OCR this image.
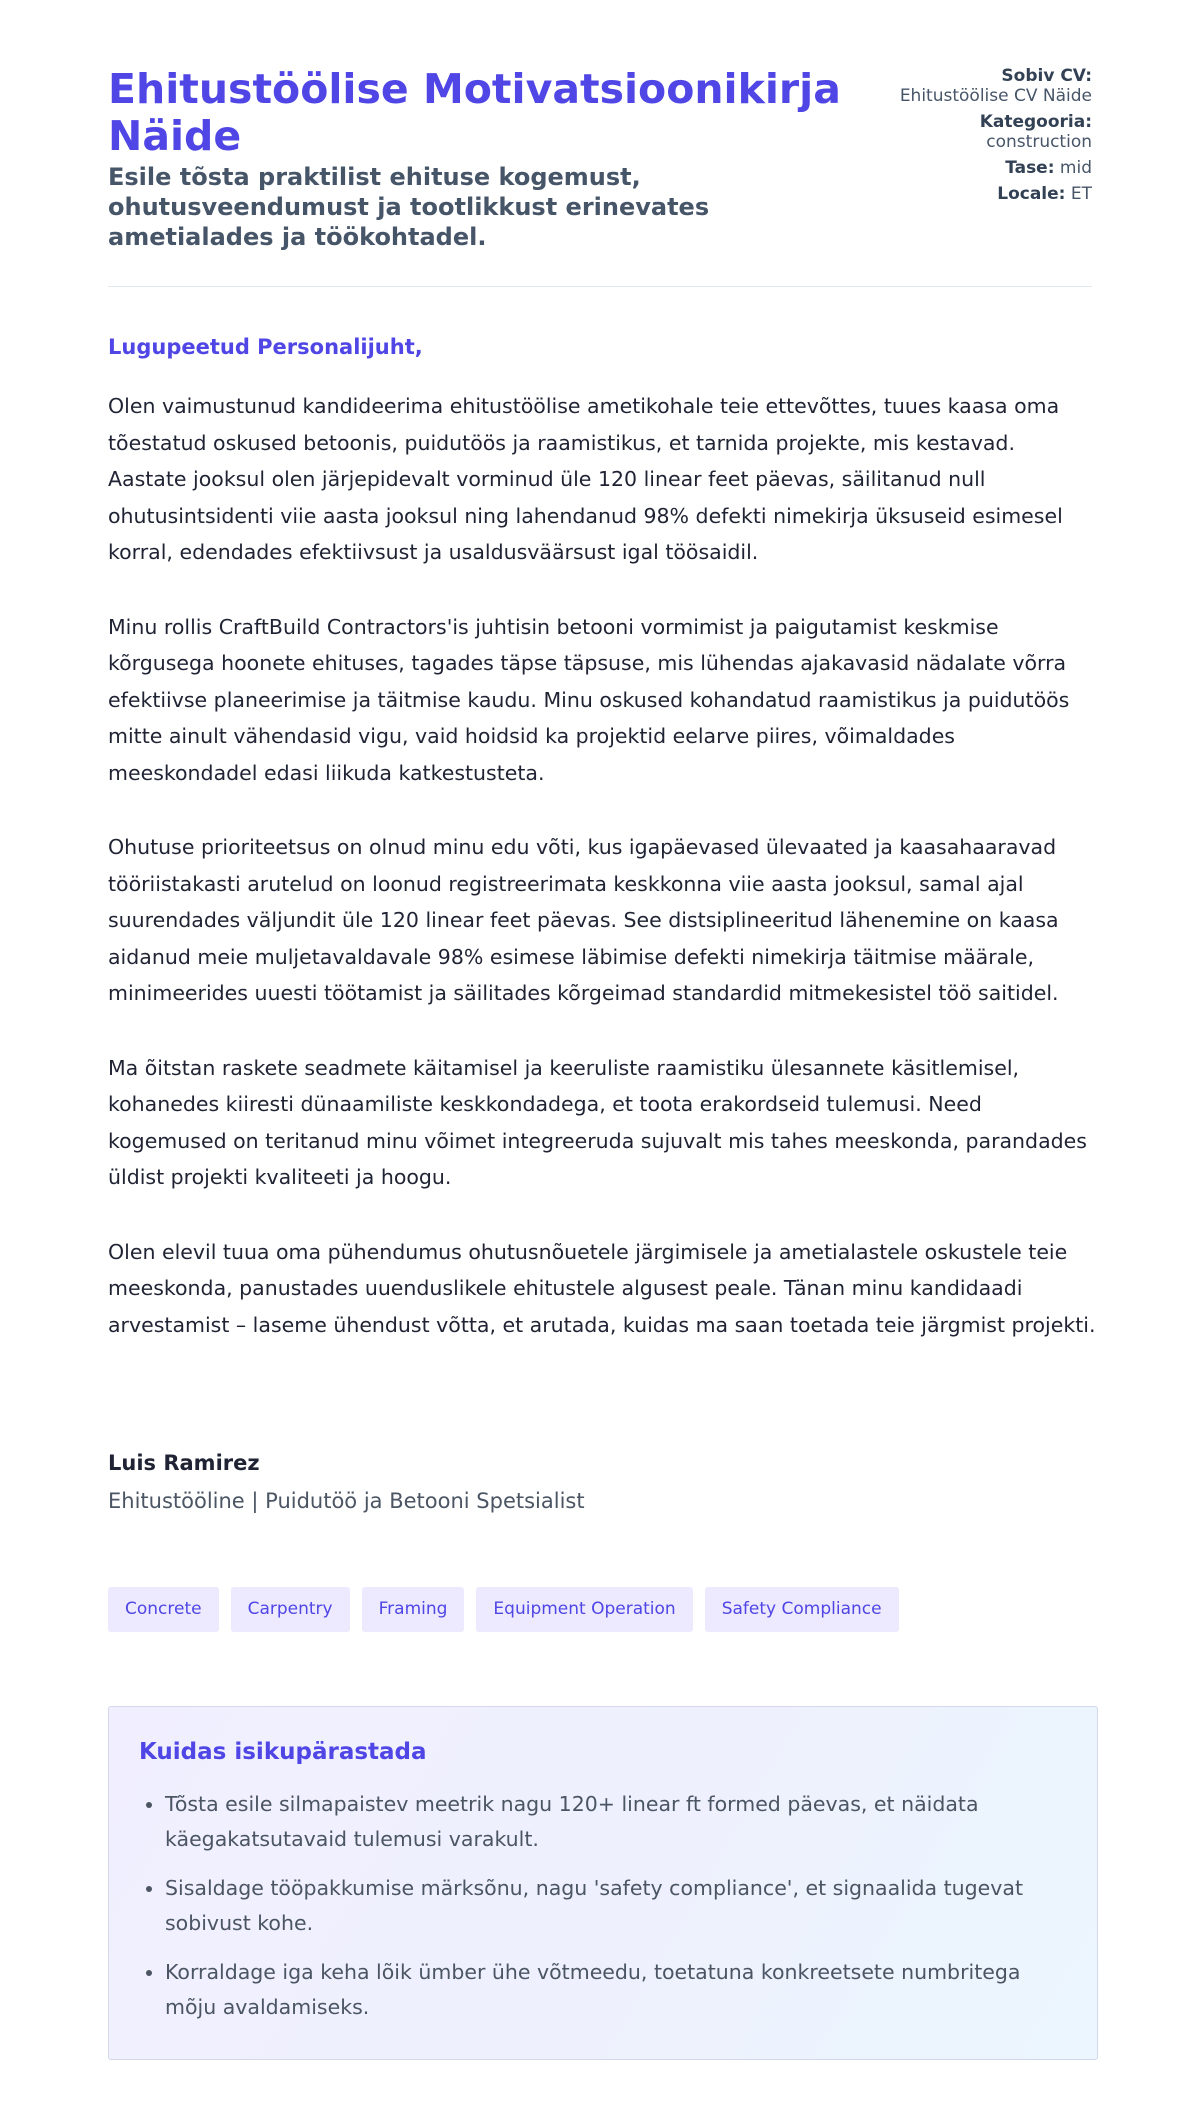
Ehitustöölise Motivatsioonikirja Näide
Esile tõsta praktilist ehituse kogemust, ohutusveendumust ja tootlikkust erinevates ametialades ja töökohtadel.
Sobiv CV:
Ehitustöölise CV Näide
Kategooria:
construction
Tase: mid
Locale: ET

Lugupeetud Personalijuht,

Olen vaimustunud kandideerima ehitustöölise ametikohale teie ettevõttes, tuues kaasa oma tõestatud oskused betoonis, puidutöös ja raamistikus, et tarnida projekte, mis kestavad. Aastate jooksul olen järjepidevalt vorminud üle 120 linear feet päevas, säilitanud null ohutusintsidenti viie aasta jooksul ning lahendanud 98% defekti nimekirja üksuseid esimesel korral, edendades efektiivsust ja usaldusväärsust igal töösaidil.

Minu rollis CraftBuild Contractors'is juhtisin betooni vormimist ja paigutamist keskmise kõrgusega hoonete ehituses, tagades täpse täpsuse, mis lühendas ajakavasid nädalate võrra efektiivse planeerimise ja täitmise kaudu. Minu oskused kohandatud raamistikus ja puidutöös mitte ainult vähendasid vigu, vaid hoidsid ka projektid eelarve piires, võimaldades meeskondadel edasi liikuda katkestusteta.

Ohutuse prioriteetsus on olnud minu edu võti, kus igapäevased ülevaated ja kaasahaaravad tööriistakasti arutelud on loonud registreerimata keskkonna viie aasta jooksul, samal ajal suurendades väljundit üle 120 linear feet päevas. See distsiplineeritud lähenemine on kaasa aidanud meie muljetavaldavale 98% esimese läbimise defekti nimekirja täitmise määrale, minimeerides uuesti töötamist ja säilitades kõrgeimad standardid mitmekesistel töö saitidel.

Ma õitstan raskete seadmete käitamisel ja keeruliste raamistiku ülesannete käsitlemisel, kohanedes kiiresti dünaamiliste keskkondadega, et toota erakordseid tulemusi. Need kogemused on teritanud minu võimet integreeruda sujuvalt mis tahes meeskonda, parandades üldist projekti kvaliteeti ja hoogu.

Olen elevil tuua oma pühendumus ohutusnõuetele järgimisele ja ametialastele oskustele teie meeskonda, panustades uuenduslikele ehitustele algusest peale. Tänan minu kandidaadi arvestamist – laseme ühendust võtta, et arutada, kuidas ma saan toetada teie järgmist projekti.

Luis Ramirez

Ehitustööline | Puidutöö ja Betooni Spetsialist
Concrete	Carpentry	Framing	Equipment Operation	Safety Compliance
Kuidas isikupärastada
• Tõsta esile silmapaistev meetrik nagu 120+ linear ft formed päevas, et näidata käegakatsutavaid tulemusi varakult.
• Sisaldage tööpakkumise märksõnu, nagu 'safety compliance', et signaalida tugevat sobivust kohe.
• Korraldage iga keha lõik ümber ühe võtmeedu, toetatuna konkreetsete numbritega mõju avaldamiseks.
